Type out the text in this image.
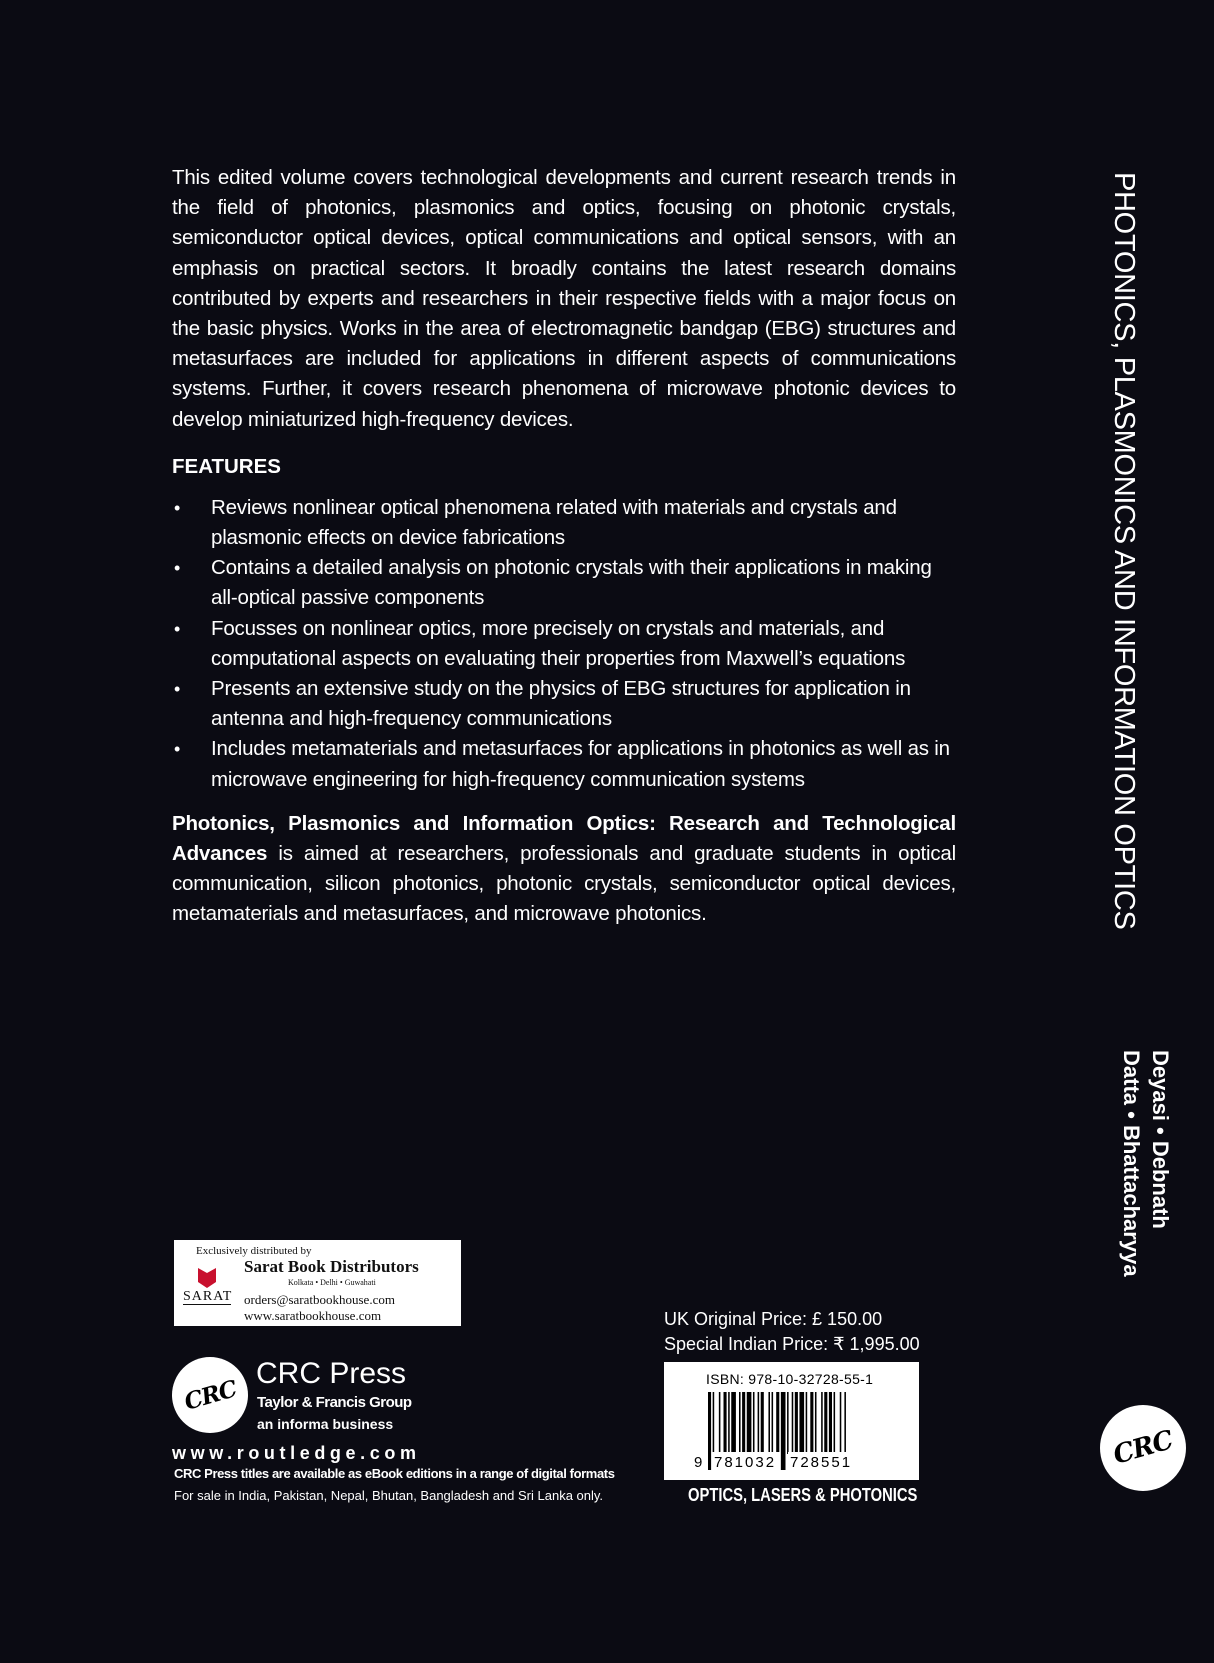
This edited volume covers technological developments and current research trends in the field of photonics, plasmonics and optics, focusing on photonic crystals, semiconductor optical devices, optical communications and optical sensors, with an emphasis on practical sectors. It broadly contains the latest research domains contributed by experts and researchers in their respective fields with a major focus on the basic physics. Works in the area of electromagnetic bandgap (EBG) structures and metasurfaces are included for applications in different aspects of communications systems. Further, it covers research phenomena of microwave photonic devices to develop miniaturized high-frequency devices.

FEATURES
• Reviews nonlinear optical phenomena related with materials and crystals and plasmonic effects on device fabrications
• Contains a detailed analysis on photonic crystals with their applications in making all-optical passive components
• Focusses on nonlinear optics, more precisely on crystals and materials, and computational aspects on evaluating their properties from Maxwell’s equations
• Presents an extensive study on the physics of EBG structures for application in antenna and high-frequency communications
• Includes metamaterials and metasurfaces for applications in photonics as well as in microwave engineering for high-frequency communication systems

Photonics, Plasmonics and Information Optics: Research and Technological Advances is aimed at researchers, professionals and graduate students in optical communication, silicon photonics, photonic crystals, semiconductor optical devices, metamaterials and metasurfaces, and microwave photonics.	PHOTONICS, PLASMONICS AND INFORMATION OPTICS
Deyasi • Debnath
Datta • Bhattacharyya
CRC
Exclusively distributed by
SARAT
Sarat Book Distributors
Kolkata • Delhi • Guwahati
orders@saratbookhouse.com
www.saratbookhouse.com
CRC
CRC Press
Taylor & Francis Group
an informa business
www.routledge.com
CRC Press titles are available as eBook editions in a range of digital formats
For sale in India, Pakistan, Nepal, Bhutan, Bangladesh and Sri Lanka only.
UK Original Price: £ 150.00
Special Indian Price: ₹ 1,995.00
ISBN: 978-10-32728-55-1
9 781032 728551
OPTICS, LASERS & PHOTONICS
